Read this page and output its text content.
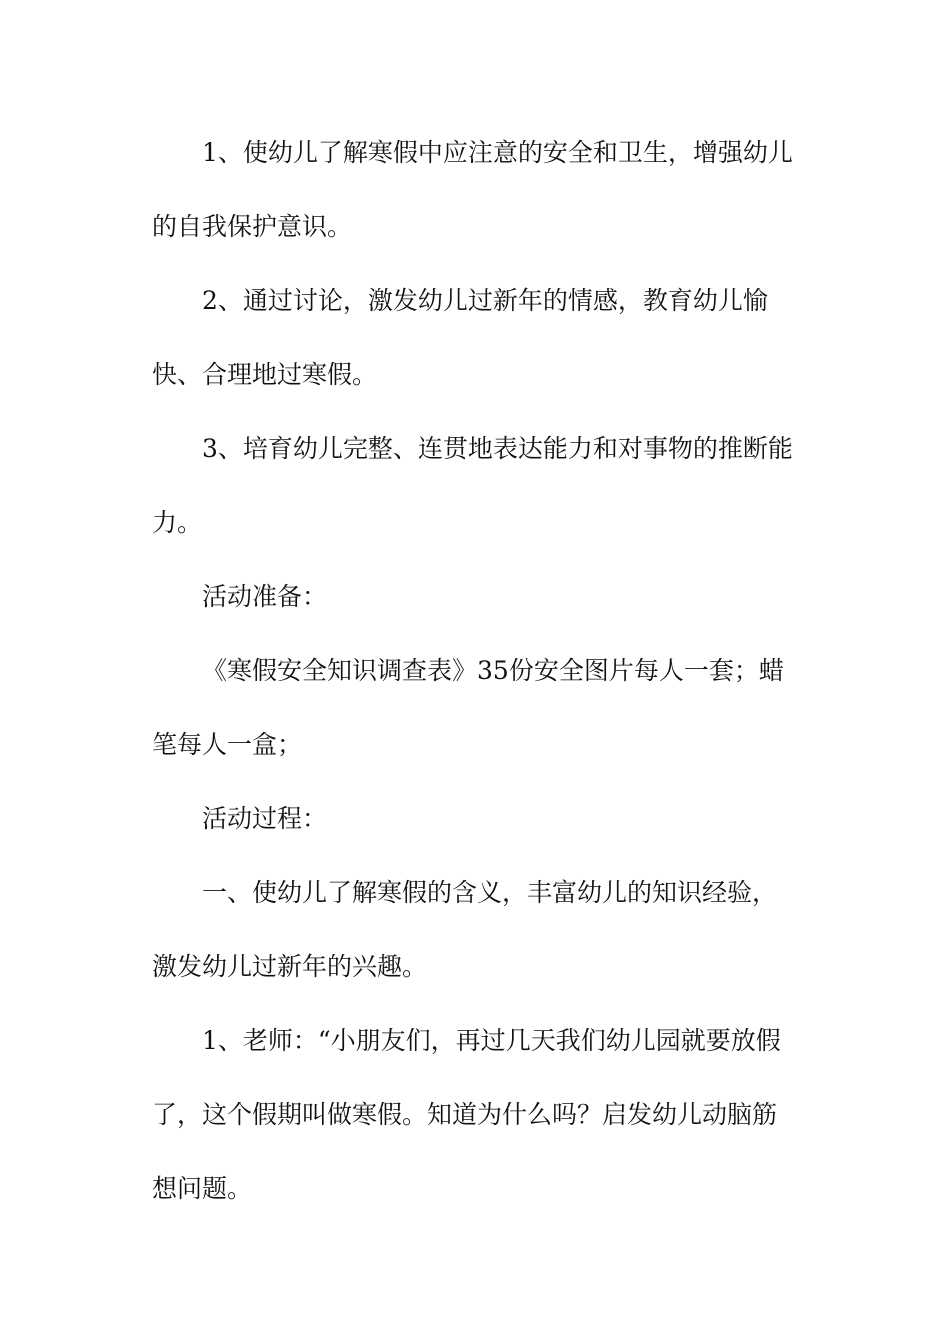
1、使幼儿了解寒假中应注意的安全和卫生，增强幼儿
的自我保护意识。
2、通过讨论，激发幼儿过新年的情感，教育幼儿愉
快、合理地过寒假。
3、培育幼儿完整、连贯地表达能力和对事物的推断能
力。
活动准备：
《寒假安全知识调查表》35份安全图片每人一套；蜡
笔每人一盒；
活动过程：
一、使幼儿了解寒假的含义，丰富幼儿的知识经验，
激发幼儿过新年的兴趣。
1、老师：“小朋友们，再过几天我们幼儿园就要放假
了，这个假期叫做寒假。知道为什么吗？启发幼儿动脑筋
想问题。
